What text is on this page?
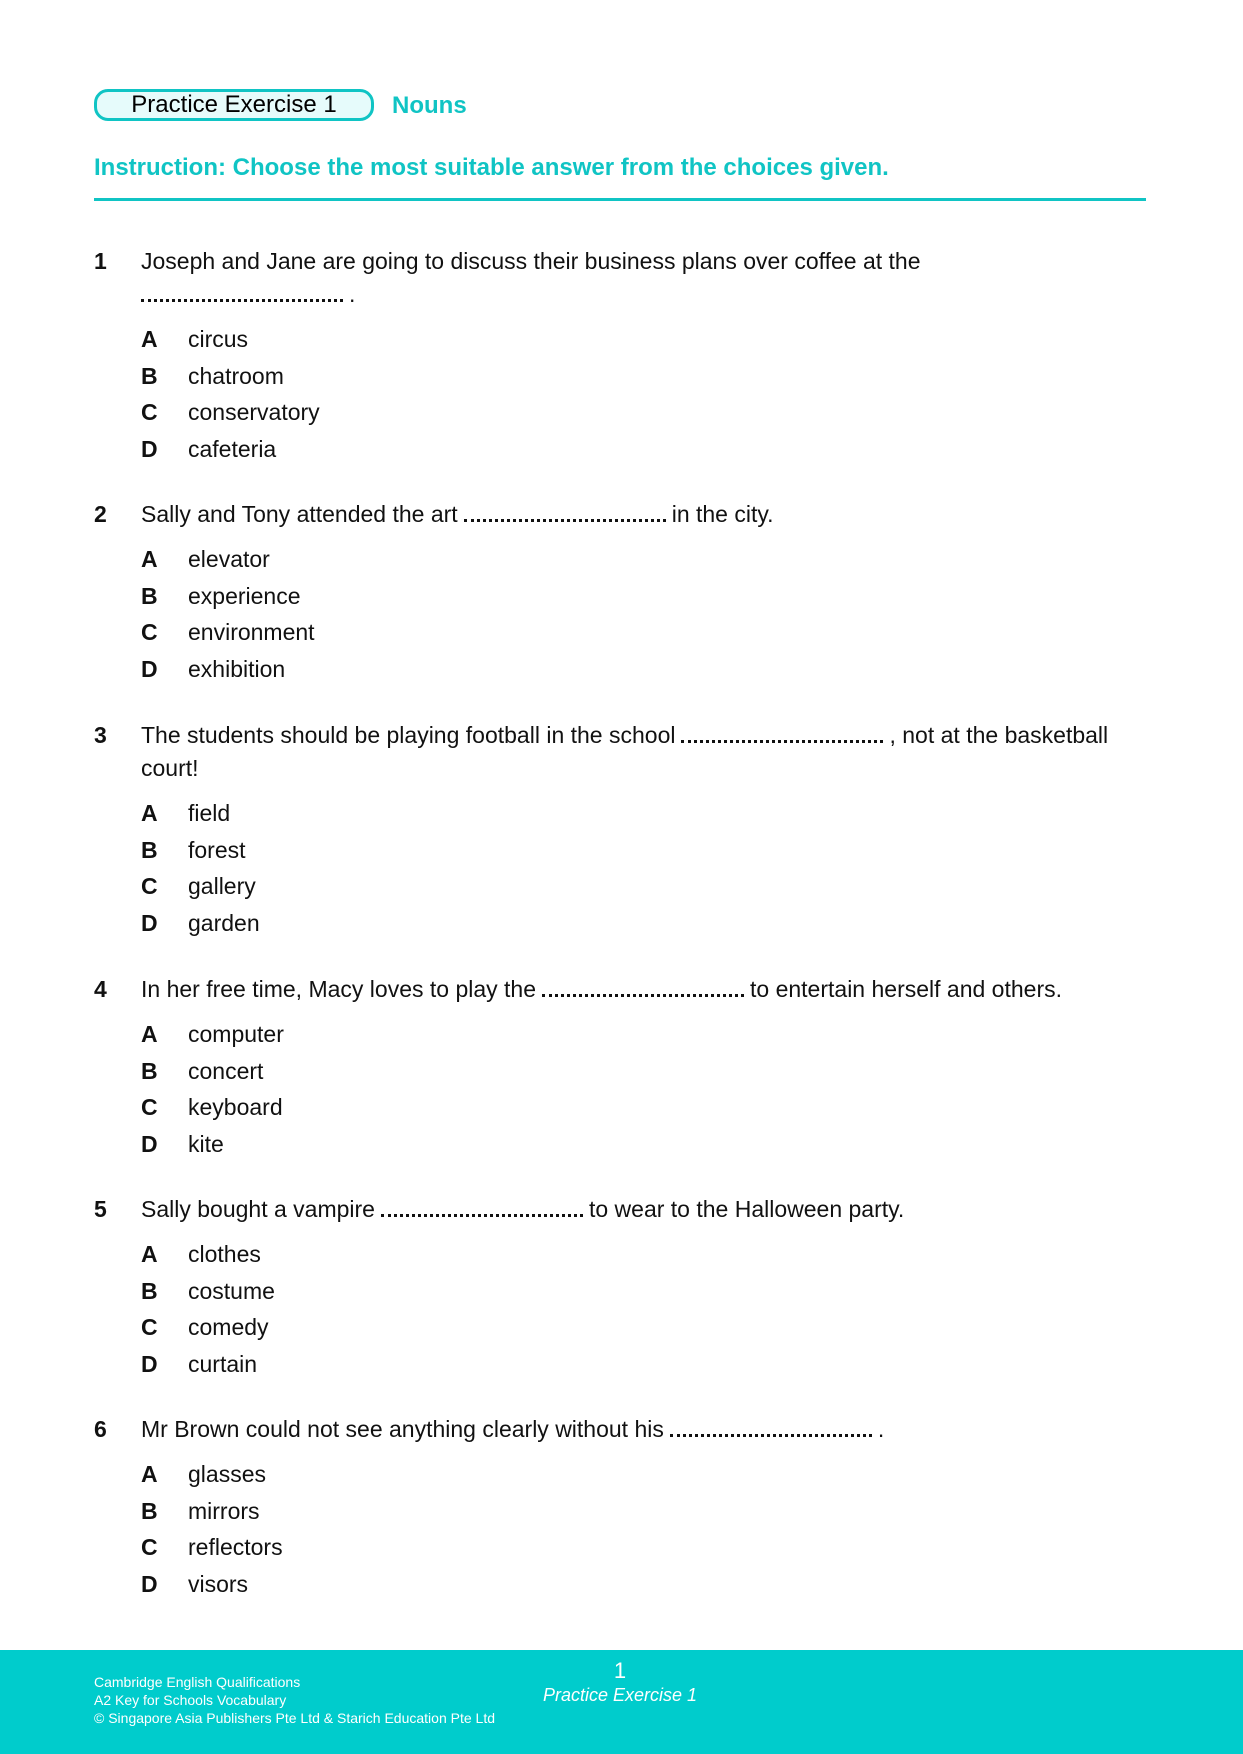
Practice Exercise 1 Nouns
Instruction: Choose the most suitable answer from the choices given.
1	Joseph and Jane are going to discuss their business plans over coffee at the
.
A	circus
B	chatroom
C	conservatory
D	cafeteria
2	Sally and Tony attended the art	in the city.
A	elevator
B	experience
C	environment
D	exhibition
3	The students should be playing football in the school	, not at the basketball court!
A	field
B	forest
C	gallery
D	garden
4	In her free time, Macy loves to play the	to entertain herself and others.
A	computer
B	concert
C	keyboard
D	kite
5	Sally bought a vampire	to wear to the Halloween party.
A	clothes
B	costume
C	comedy
D	curtain
6	Mr Brown could not see anything clearly without his	.
A	glasses
B	mirrors
C	reflectors
D	visors
Cambridge English Qualifications
A2 Key for Schools Vocabulary
© Singapore Asia Publishers Pte Ltd & Starich Education Pte Ltd
1
Practice Exercise 1
